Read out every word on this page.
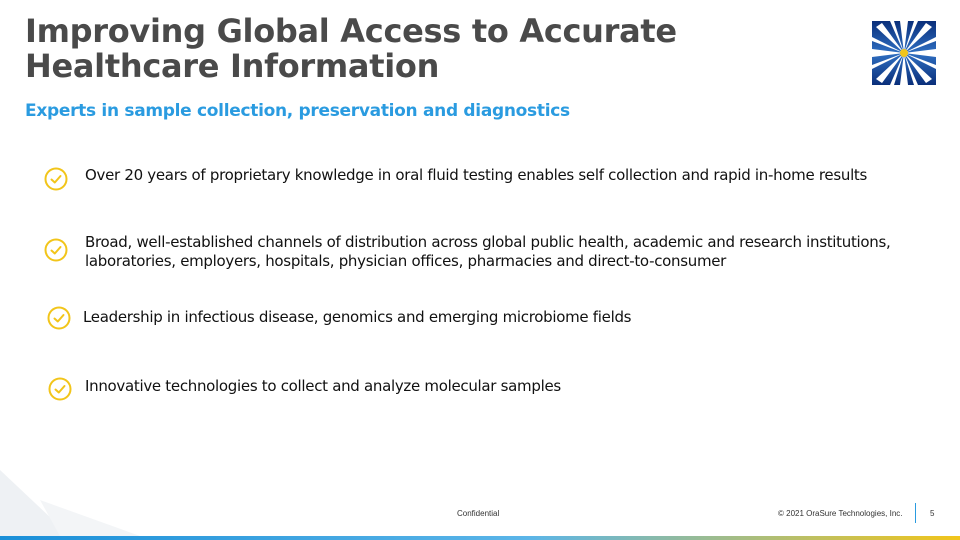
Improving Global Access to Accurate Healthcare Information
Experts in sample collection, preservation and diagnostics
Over 20 years of proprietary knowledge in oral fluid testing enables self collection and rapid in-home results
Broad, well-established channels of distribution across global public health, academic and research institutions, laboratories, employers, hospitals, physician offices, pharmacies and direct-to-consumer
Leadership in infectious disease, genomics and emerging microbiome fields
Innovative technologies to collect and analyze molecular samples
Confidential	© 2021 OraSure Technologies, Inc.	5
